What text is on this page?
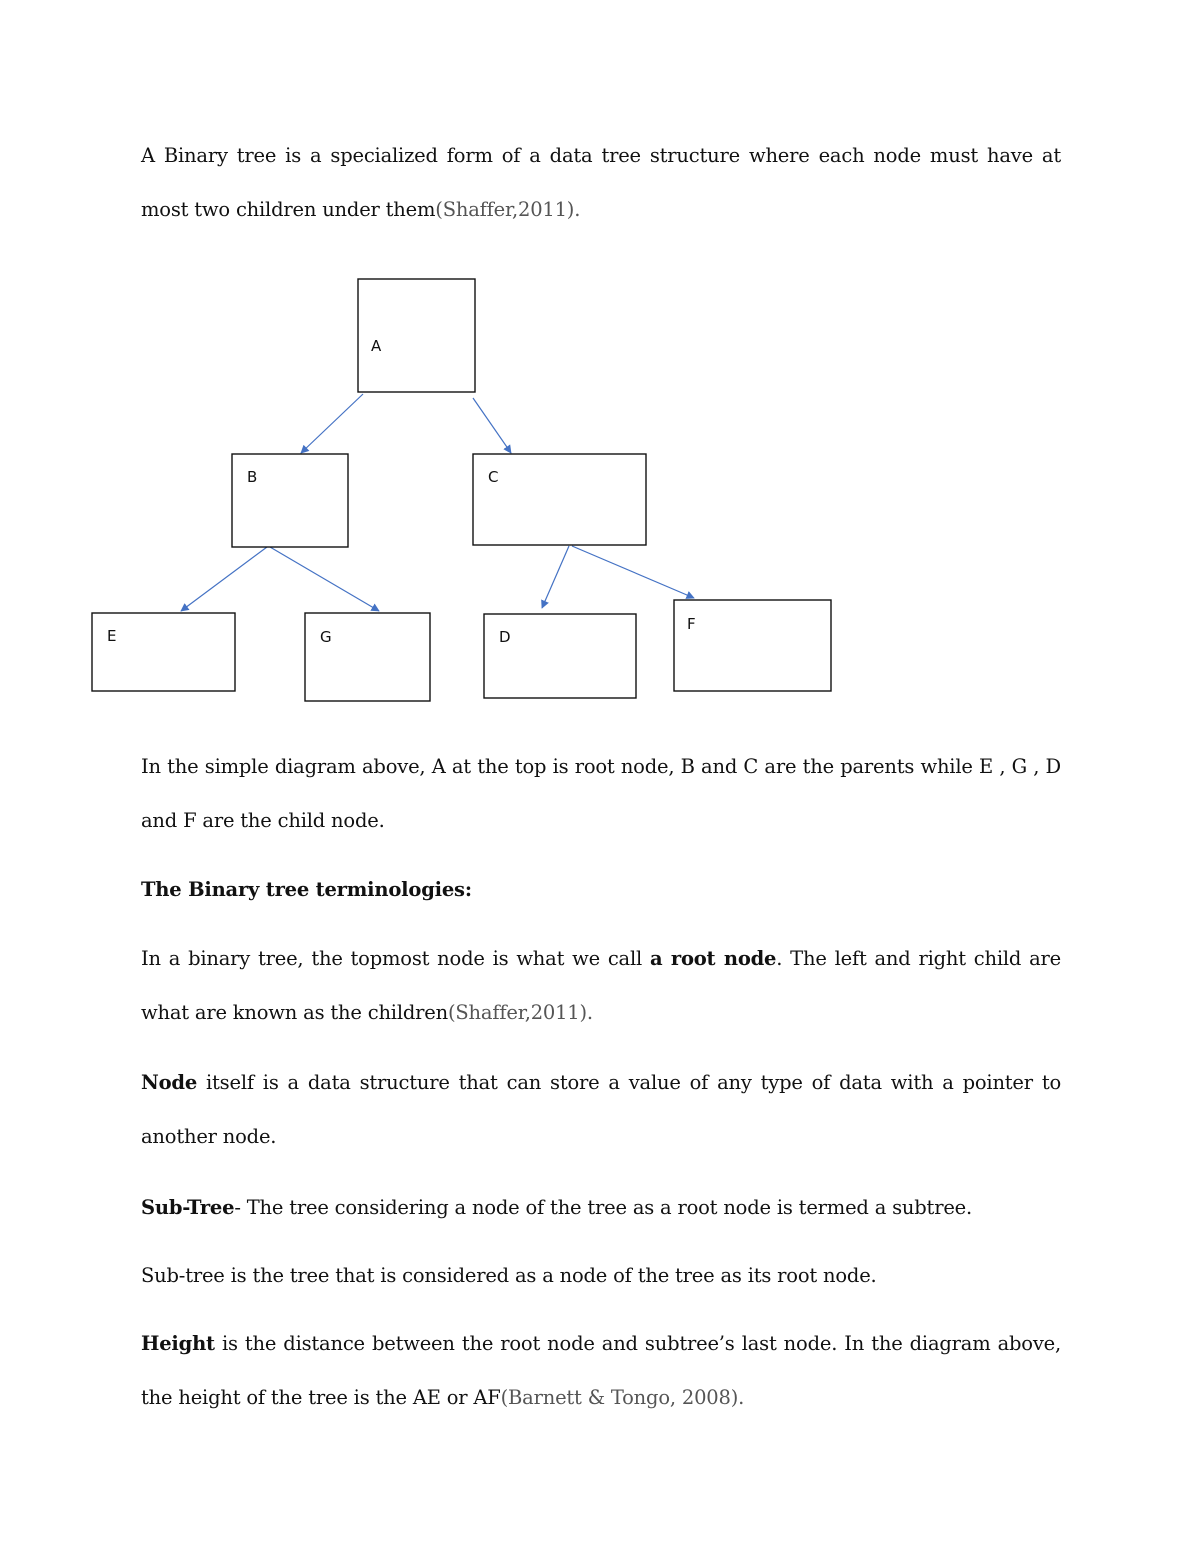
A Binary tree is a specialized form of a data tree structure where each node must have at most two children under them(Shaffer,2011).

A
B	C
E	G	D
F

In the simple diagram above, A at the top is root node, B and C are the parents while E , G , D and F are the child node.

The Binary tree terminologies:

In a binary tree, the topmost node is what we call a root node. The left and right child are what are known as the children(Shaffer,2011).

Node itself is a data structure that can store a value of any type of data with a pointer to another node.

Sub-Tree- The tree considering a node of the tree as a root node is termed a subtree.

Sub-tree is the tree that is considered as a node of the tree as its root node.

Height is the distance between the root node and subtree’s last node. In the diagram above, the height of the tree is the AE or AF(Barnett & Tongo, 2008).
